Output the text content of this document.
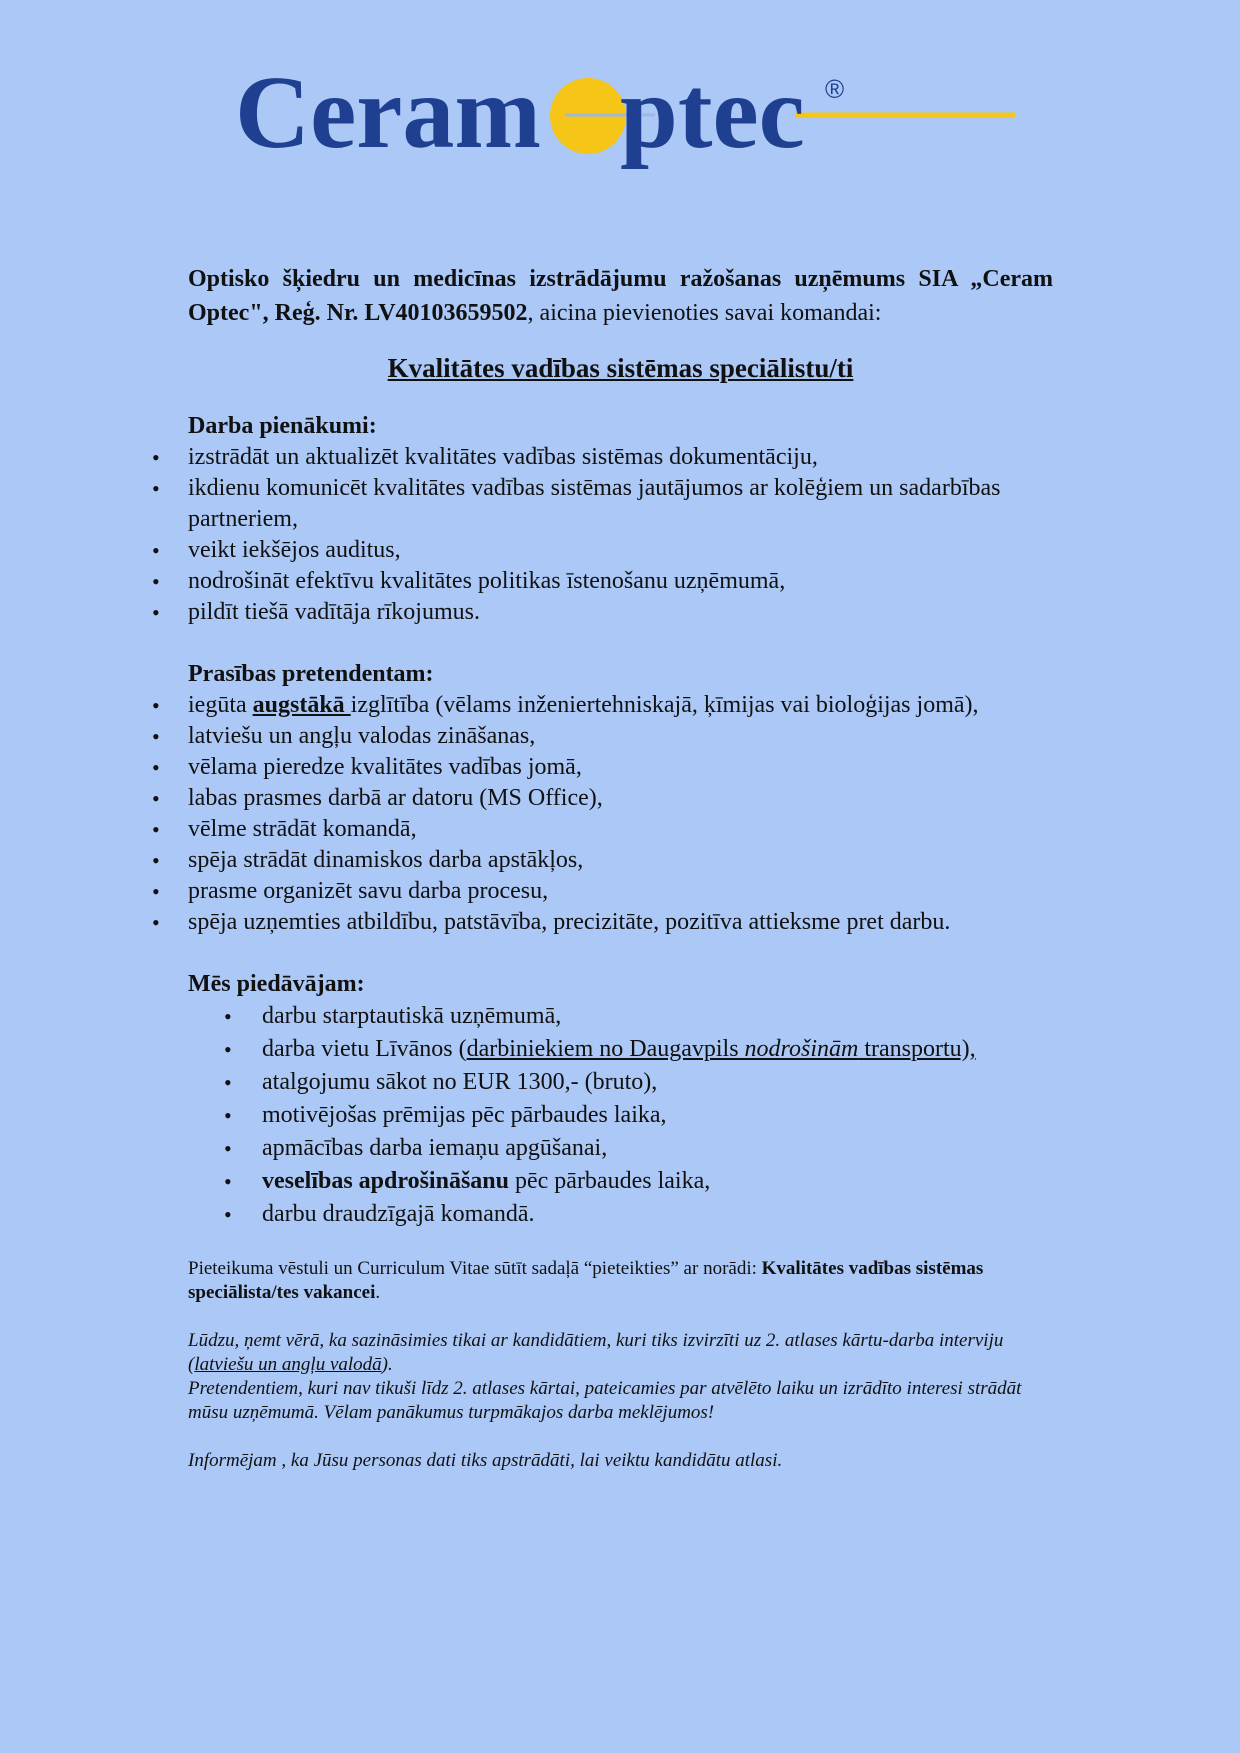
Ceram ptec ®

Optisko šķiedru un medicīnas izstrādājumu ražošanas uzņēmums SIA „Ceram Optec", Reģ. Nr. LV40103659502, aicina pievienoties savai komandai:

Kvalitātes vadības sistēmas speciālistu/ti
Darba pienākumi:
• izstrādāt un aktualizēt kvalitātes vadības sistēmas dokumentāciju,
• ikdienu komunicēt kvalitātes vadības sistēmas jautājumos ar kolēģiem un sadarbības partneriem,
• veikt iekšējos auditus,
• nodrošināt efektīvu kvalitātes politikas īstenošanu uzņēmumā,
• pildīt tiešā vadītāja rīkojumus.
Prasības pretendentam:
• iegūta augstākā izglītība (vēlams inženiertehniskajā, ķīmijas vai bioloģijas jomā),
• latviešu un angļu valodas zināšanas,
• vēlama pieredze kvalitātes vadības jomā,
• labas prasmes darbā ar datoru (MS Office),
• vēlme strādāt komandā,
• spēja strādāt dinamiskos darba apstākļos,
• prasme organizēt savu darba procesu,
• spēja uzņemties atbildību, patstāvība, precizitāte, pozitīva attieksme pret darbu.
Mēs piedāvājam:
• darbu starptautiskā uzņēmumā,
• darba vietu Līvānos (darbiniekiem no Daugavpils nodrošinām transportu),
• atalgojumu sākot no EUR 1300,- (bruto),
• motivējošas prēmijas pēc pārbaudes laika,
• apmācības darba iemaņu apgūšanai,
• veselības apdrošināšanu pēc pārbaudes laika,
• darbu draudzīgajā komandā.

Pieteikuma vēstuli un Curriculum Vitae sūtīt sadaļā “pieteikties” ar norādi: Kvalitātes vadības sistēmas speciālista/tes vakancei.

Lūdzu, ņemt vērā, ka sazināsimies tikai ar kandidātiem, kuri tiks izvirzīti uz 2. atlases kārtu-darba interviju (latviešu un angļu valodā).
Pretendentiem, kuri nav tikuši līdz 2. atlases kārtai, pateicamies par atvēlēto laiku un izrādīto interesi strādāt mūsu uzņēmumā. Vēlam panākumus turpmākajos darba meklējumos!

Informējam , ka Jūsu personas dati tiks apstrādāti, lai veiktu kandidātu atlasi.
